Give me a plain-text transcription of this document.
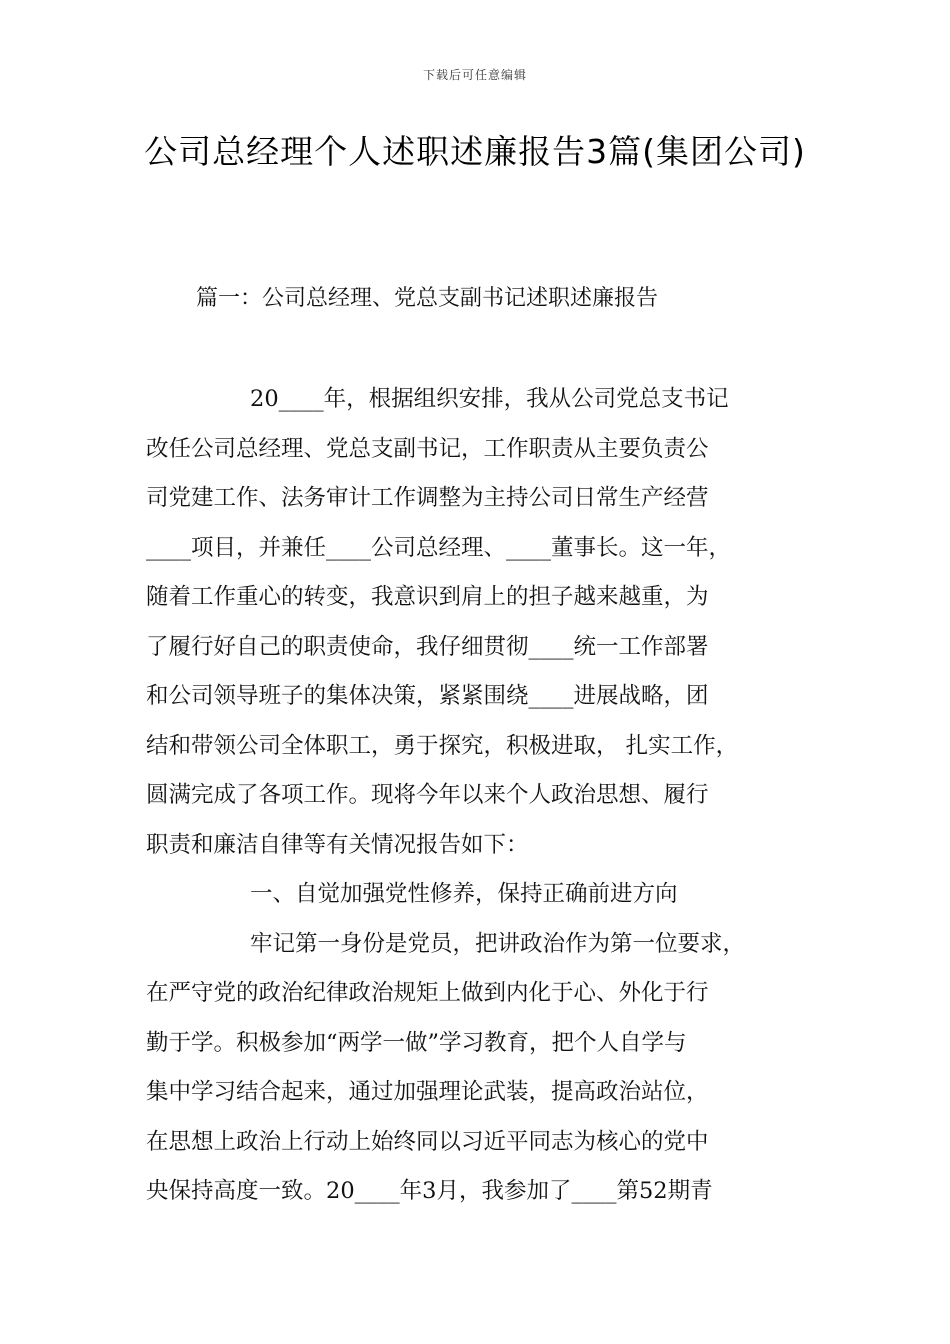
下载后可任意编辑
公司总经理个人述职述廉报告3篇(集团公司)
篇一：公司总经理、党总支副书记述职述廉报告
20____年，根据组织安排，我从公司党总支书记
改任公司总经理、党总支副书记，工作职责从主要负责公
司党建工作、法务审计工作调整为主持公司日常生产经营
____项目，并兼任____公司总经理、____董事长。这一年，
随着工作重心的转变，我意识到肩上的担子越来越重，为
了履行好自己的职责使命，我仔细贯彻____统一工作部署
和公司领导班子的集体决策，紧紧围绕____进展战略，团
结和带领公司全体职工，勇于探究，积极进取， 扎实工作，
圆满完成了各项工作。现将今年以来个人政治思想、履行
职责和廉洁自律等有关情况报告如下：
一、自觉加强党性修养，保持正确前进方向
牢记第一身份是党员，把讲政治作为第一位要求，
在严守党的政治纪律政治规矩上做到内化于心、外化于行
勤于学。积极参加“两学一做”学习教育，把个人自学与
集中学习结合起来，通过加强理论武装，提高政治站位，
在思想上政治上行动上始终同以习近平同志为核心的党中
央保持高度一致。20____年3月，我参加了____第52期青
